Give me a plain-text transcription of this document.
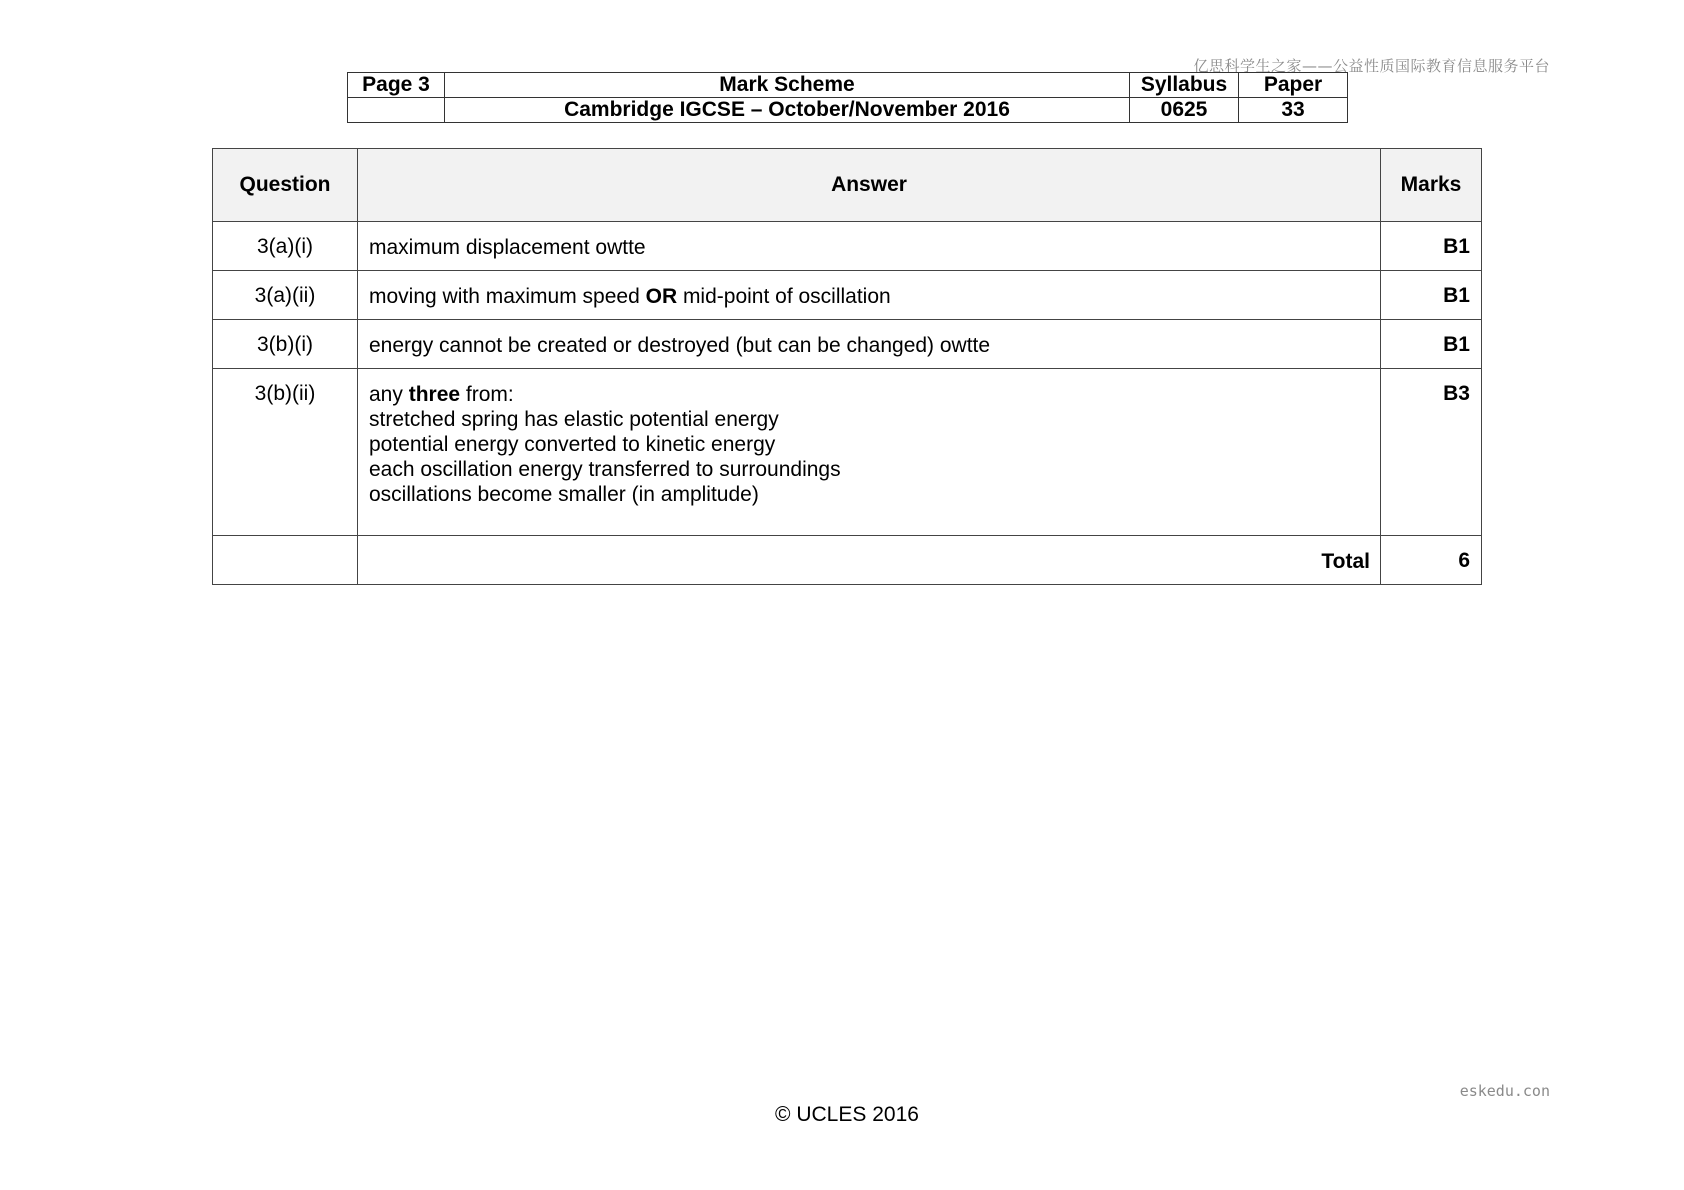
亿思科学生之家——公益性质国际教育信息服务平台
Page 3	Mark Scheme	Syllabus	Paper
	Cambridge IGCSE – October/November 2016	0625	33
Question	Answer	Marks
3(a)(i)	maximum displacement owtte	B1
3(a)(ii)	moving with maximum speed OR mid-point of oscillation	B1
3(b)(i)	energy cannot be created or destroyed (but can be changed) owtte	B1
3(b)(ii)	any three from:
stretched spring has elastic potential energy
potential energy converted to kinetic energy
each oscillation energy transferred to surroundings
oscillations become smaller (in amplitude)	B3
	Total	6
eskedu.con
© UCLES 2016
